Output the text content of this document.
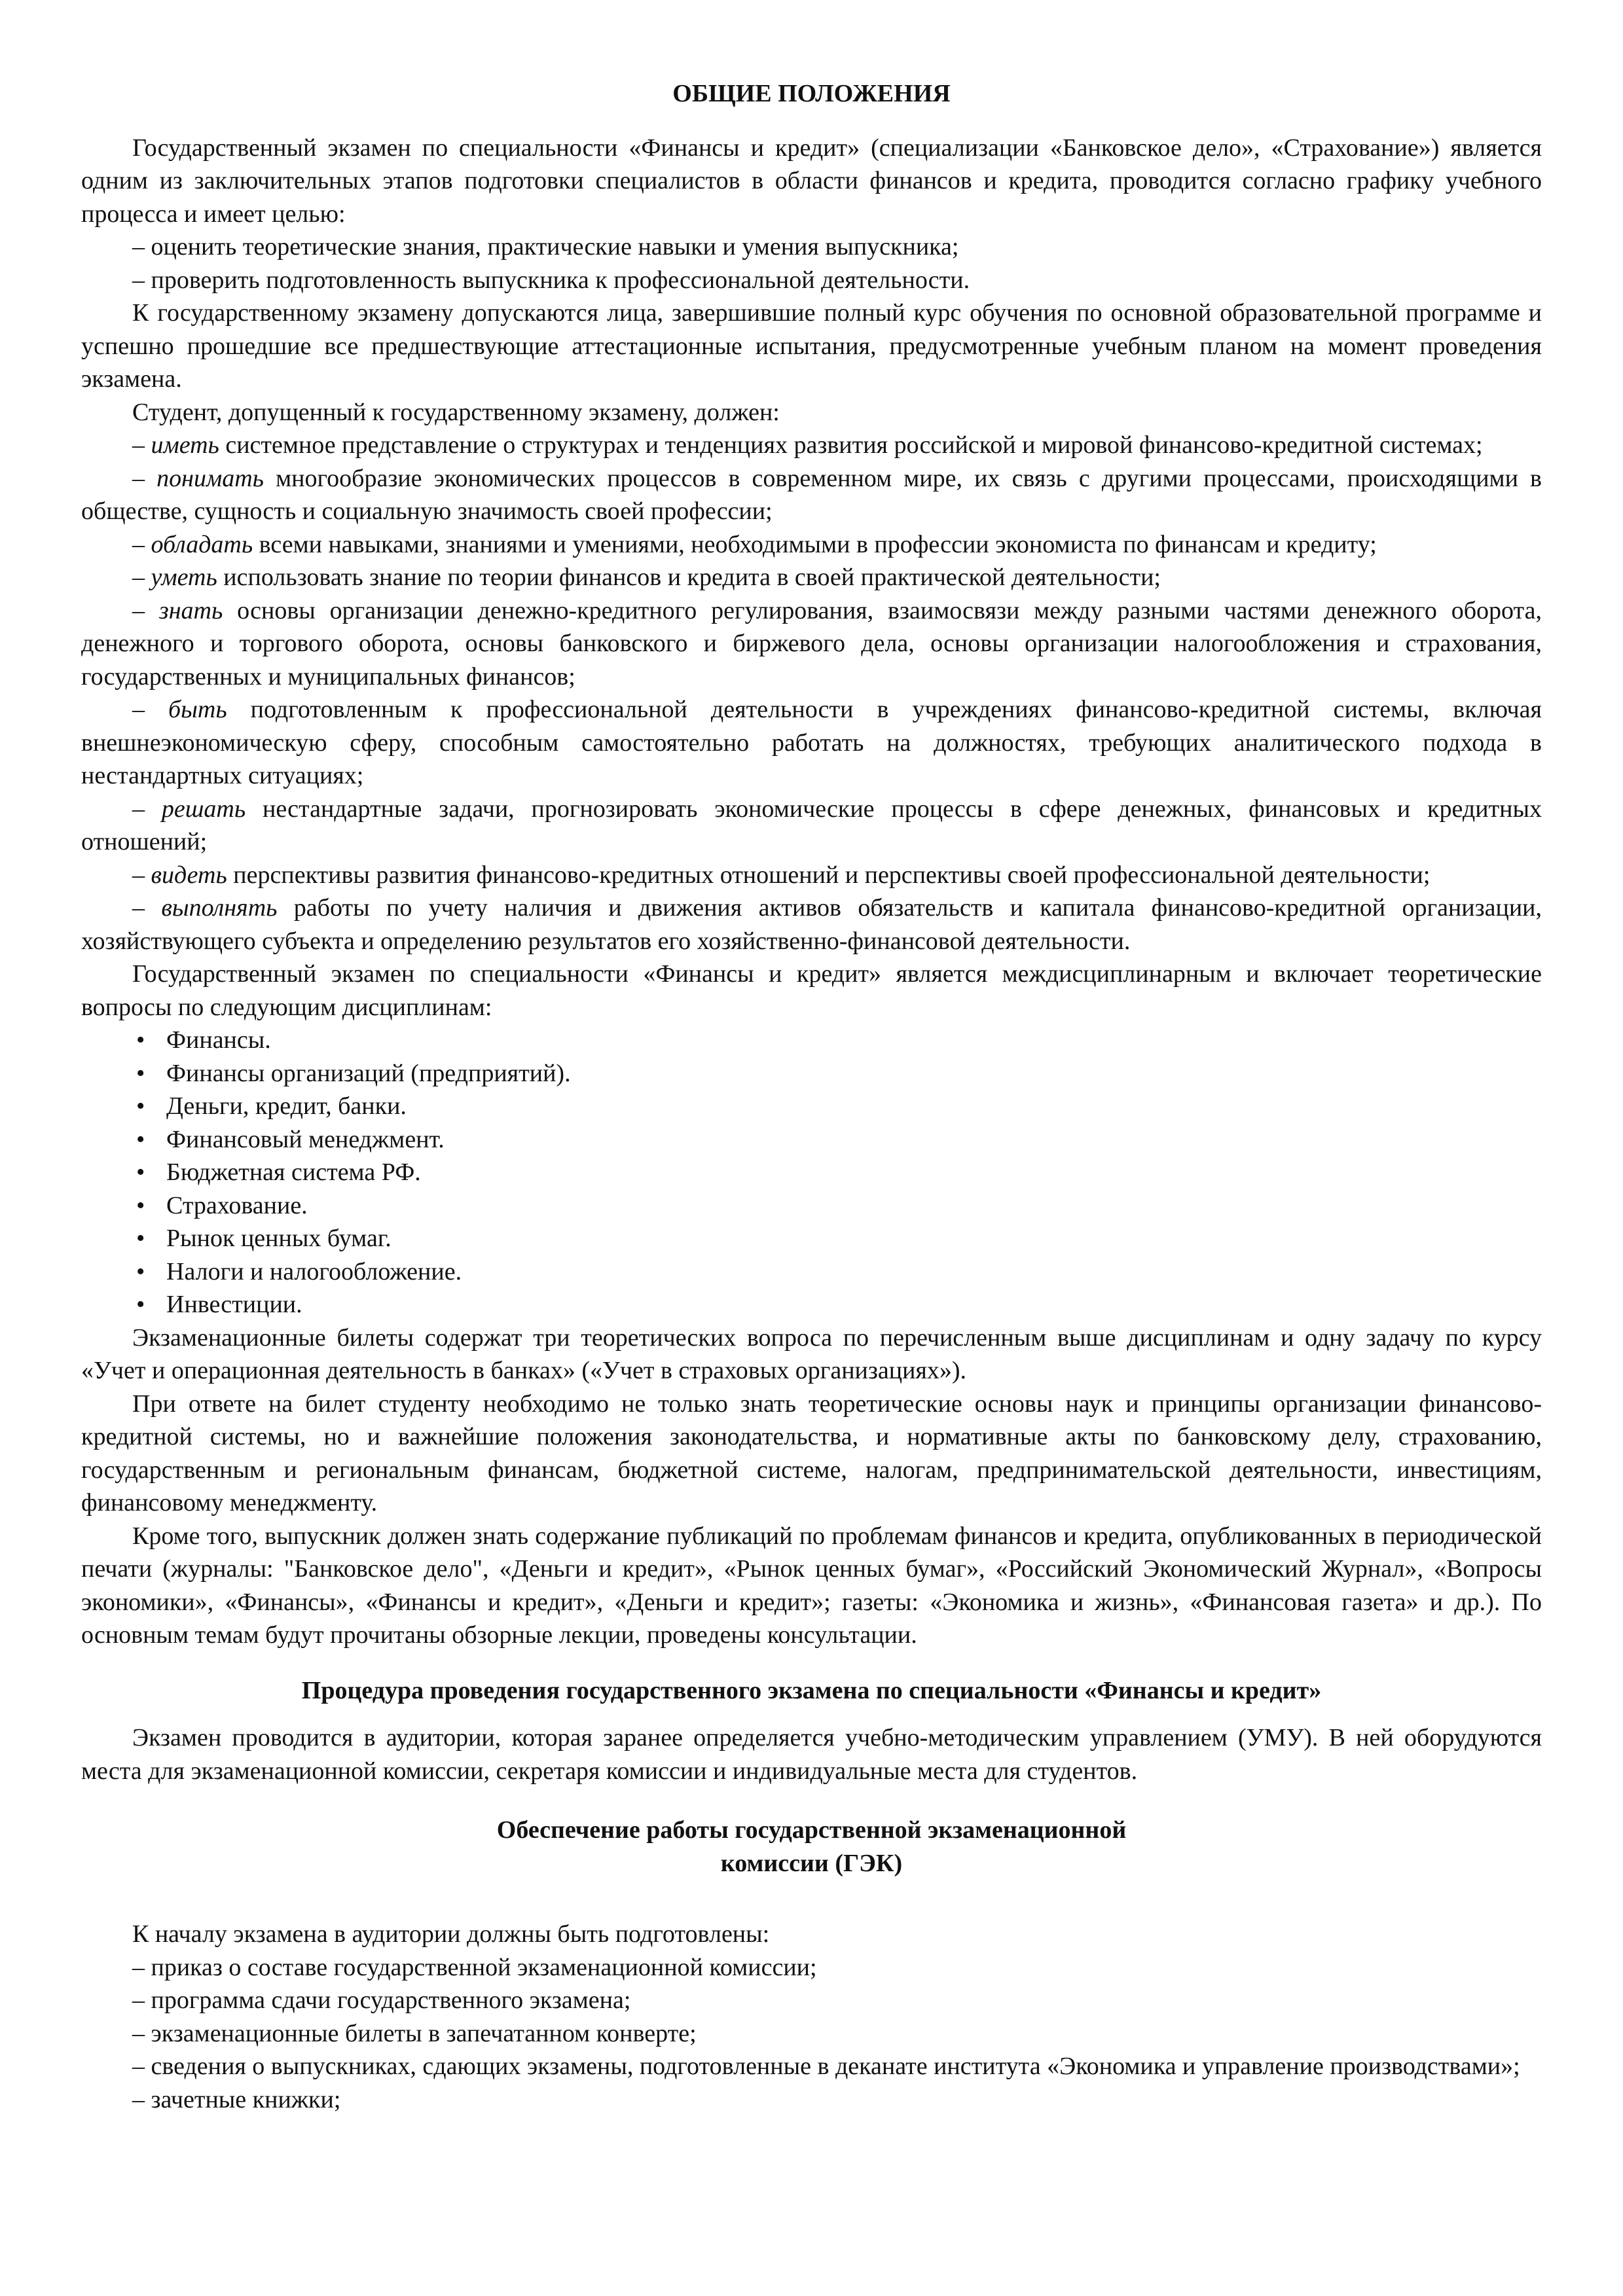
ОБЩИЕ ПОЛОЖЕНИЯ

Государственный экзамен по специальности «Финансы и кредит» (специализации «Банковское дело», «Страхование») является одним из заключительных этапов подготовки специалистов в области финансов и кредита, проводится согласно графику учебного процесса и имеет целью:

– оценить теоретические знания, практические навыки и умения выпускника;

– проверить подготовленность выпускника к профессиональной деятельности.

К государственному экзамену допускаются лица, завершившие полный курс обучения по основной образовательной программе и успешно прошедшие все предшествующие аттестационные испытания, предусмотренные учебным планом на момент проведения экзамена.

Студент, допущенный к государственному экзамену, должен:

– иметь системное представление о структурах и тенденциях развития российской и мировой финансово-кредитной системах;

– понимать многообразие экономических процессов в современном мире, их связь с другими процессами, происходящими в обществе, сущность и социальную значимость своей профессии;

– обладать всеми навыками, знаниями и умениями, необходимыми в профессии экономиста по финансам и кредиту;

– уметь использовать знание по теории финансов и кредита в своей практической деятельности;

– знать основы организации денежно-кредитного регулирования, взаимосвязи между разными частями денежного оборота, денежного и торгового оборота, основы банковского и биржевого дела, основы организации налогообложения и страхования, государственных и муниципальных финансов;

– быть подготовленным к профессиональной деятельности в учреждениях финансово-кредитной системы, включая внешнеэкономическую сферу, способным самостоятельно работать на должностях, требующих аналитического подхода в нестандартных ситуациях;

– решать нестандартные задачи, прогнозировать экономические процессы в сфере денежных, финансовых и кредитных отношений;

– видеть перспективы развития финансово-кредитных отношений и перспективы своей профессиональной деятельности;

– выполнять работы по учету наличия и движения активов обязательств и капитала финансово-кредитной организации, хозяйствующего субъекта и определению результатов его хозяйственно-финансовой деятельности.

Государственный экзамен по специальности «Финансы и кредит» является междисциплинарным и включает теоретические вопросы по следующим дисциплинам:

• Финансы.
• Финансы организаций (предприятий).
• Деньги, кредит, банки.
• Финансовый менеджмент.
• Бюджетная система РФ.
• Страхование.
• Рынок ценных бумаг.
• Налоги и налогообложение.
• Инвестиции.

Экзаменационные билеты содержат три теоретических вопроса по перечисленным выше дисциплинам и одну задачу по курсу «Учет и операционная деятельность в банках» («Учет в страховых организациях»).

При ответе на билет студенту необходимо не только знать теоретические основы наук и принципы организации финансово-кредитной системы, но и важнейшие положения законодательства, и нормативные акты по банковскому делу, страхованию, государственным и региональным финансам, бюджетной системе, налогам, предпринимательской деятельности, инвестициям, финансовому менеджменту.

Кроме того, выпускник должен знать содержание публикаций по проблемам финансов и кредита, опубликованных в периодической печати (журналы: "Банковское дело", «Деньги и кредит», «Рынок ценных бумаг», «Российский Экономический Журнал», «Вопросы экономики», «Финансы», «Финансы и кредит», «Деньги и кредит»; газеты: «Экономика и жизнь», «Финансовая газета» и др.). По основным темам будут прочитаны обзорные лекции, проведены консультации.

Процедура проведения государственного экзамена по специальности «Финансы и кредит»

Экзамен проводится в аудитории, которая заранее определяется учебно-методическим управлением (УМУ). В ней оборудуются места для экзаменационной комиссии, секретаря комиссии и индивидуальные места для студентов.

Обеспечение работы государственной экзаменационной
комиссии (ГЭК)

К началу экзамена в аудитории должны быть подготовлены:

– приказ о составе государственной экзаменационной комиссии;

– программа сдачи государственного экзамена;

– экзаменационные билеты в запечатанном конверте;

– сведения о выпускниках, сдающих экзамены, подготовленные в деканате института «Экономика и управление производствами»;

– зачетные книжки;
